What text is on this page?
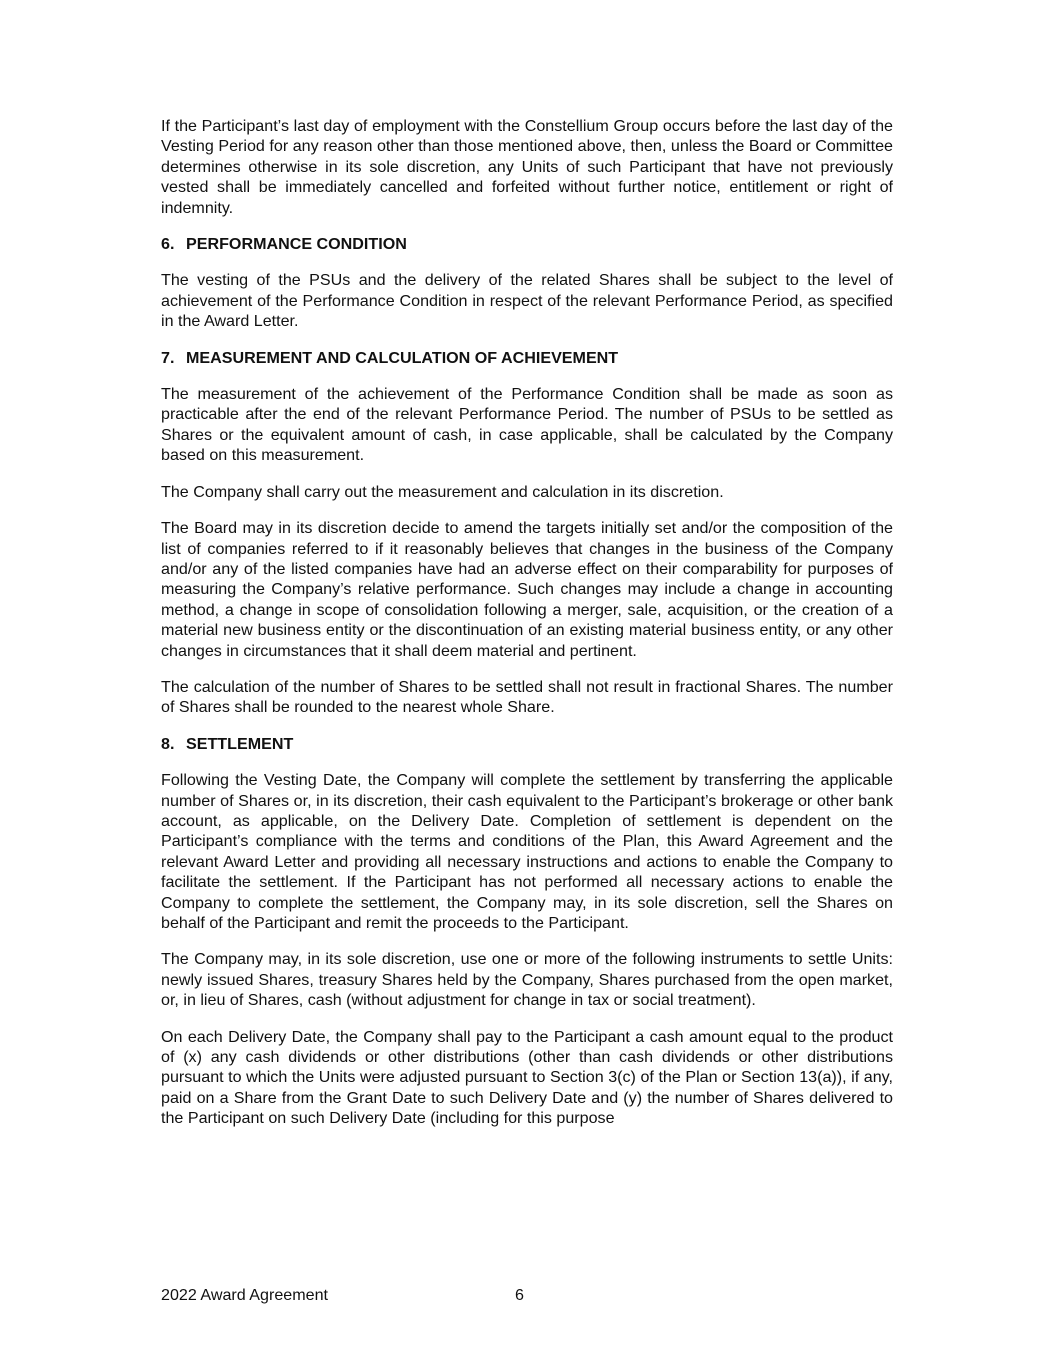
If the Participant’s last day of employment with the Constellium Group occurs before the last day of the Vesting Period for any reason other than those mentioned above, then, unless the Board or Committee determines otherwise in its sole discretion, any Units of such Participant that have not previously vested shall be immediately cancelled and forfeited without further notice, entitlement or right of indemnity.

6. PERFORMANCE CONDITION

The vesting of the PSUs and the delivery of the related Shares shall be subject to the level of achievement of the Performance Condition in respect of the relevant Performance Period, as specified in the Award Letter.

7. MEASUREMENT AND CALCULATION OF ACHIEVEMENT

The measurement of the achievement of the Performance Condition shall be made as soon as practicable after the end of the relevant Performance Period. The number of PSUs to be settled as Shares or the equivalent amount of cash, in case applicable, shall be calculated by the Company based on this measurement.

The Company shall carry out the measurement and calculation in its discretion.

The Board may in its discretion decide to amend the targets initially set and/or the composition of the list of companies referred to if it reasonably believes that changes in the business of the Company and/or any of the listed companies have had an adverse effect on their comparability for purposes of measuring the Company’s relative performance. Such changes may include a change in accounting method, a change in scope of consolidation following a merger, sale, acquisition, or the creation of a material new business entity or the discontinuation of an existing material business entity, or any other changes in circumstances that it shall deem material and pertinent.

The calculation of the number of Shares to be settled shall not result in fractional Shares. The number of Shares shall be rounded to the nearest whole Share.

8. SETTLEMENT

Following the Vesting Date, the Company will complete the settlement by transferring the applicable number of Shares or, in its discretion, their cash equivalent to the Participant’s brokerage or other bank account, as applicable, on the Delivery Date. Completion of settlement is dependent on the Participant’s compliance with the terms and conditions of the Plan, this Award Agreement and the relevant Award Letter and providing all necessary instructions and actions to enable the Company to facilitate the settlement. If the Participant has not performed all necessary actions to enable the Company to complete the settlement, the Company may, in its sole discretion, sell the Shares on behalf of the Participant and remit the proceeds to the Participant.

The Company may, in its sole discretion, use one or more of the following instruments to settle Units: newly issued Shares, treasury Shares held by the Company, Shares purchased from the open market, or, in lieu of Shares, cash (without adjustment for change in tax or social treatment).

On each Delivery Date, the Company shall pay to the Participant a cash amount equal to the product of (x) any cash dividends or other distributions (other than cash dividends or other distributions pursuant to which the Units were adjusted pursuant to Section 3(c) of the Plan or Section 13(a)), if any, paid on a Share from the Grant Date to such Delivery Date and (y) the number of Shares delivered to the Participant on such Delivery Date (including for this purpose

2022 Award Agreement	6
